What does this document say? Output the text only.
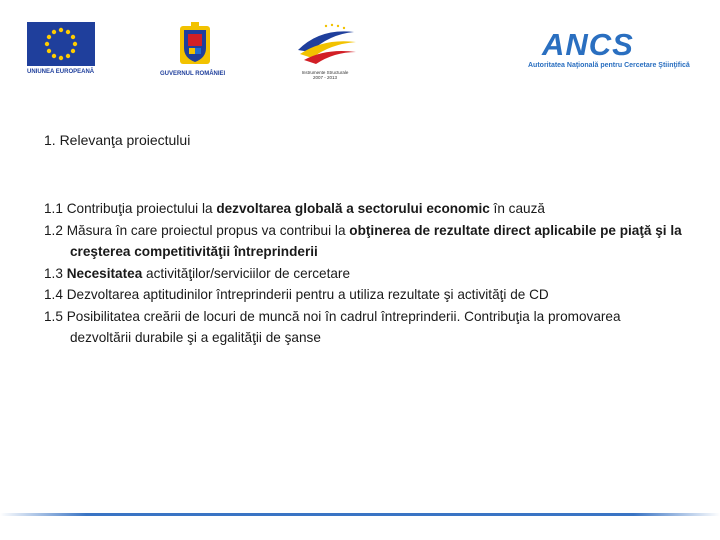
UNIUNEA EUROPEANĂ	GUVERNUL ROMÂNIEI	Instrumente Structurale
2007 - 2013
ANCS
Autoritatea Naţională pentru Cercetare Ştiinţifică
1. Relevanţa proiectului
1.1 Contribuţia proiectului la dezvoltarea globală a sectorului economic în cauză
1.2 Măsura în care proiectul propus va contribui la obţinerea de rezultate direct aplicabile pe piaţă şi la creşterea competitivităţii întreprinderii
1.3 Necesitatea activităţilor/serviciilor de cercetare
1.4 Dezvoltarea aptitudinilor întreprinderii pentru a utiliza rezultate şi activităţi de CD
1.5 Posibilitatea creării de locuri de muncă noi în cadrul întreprinderii. Contribuţia la promovarea dezvoltării durabile şi a egalităţii de şanse
